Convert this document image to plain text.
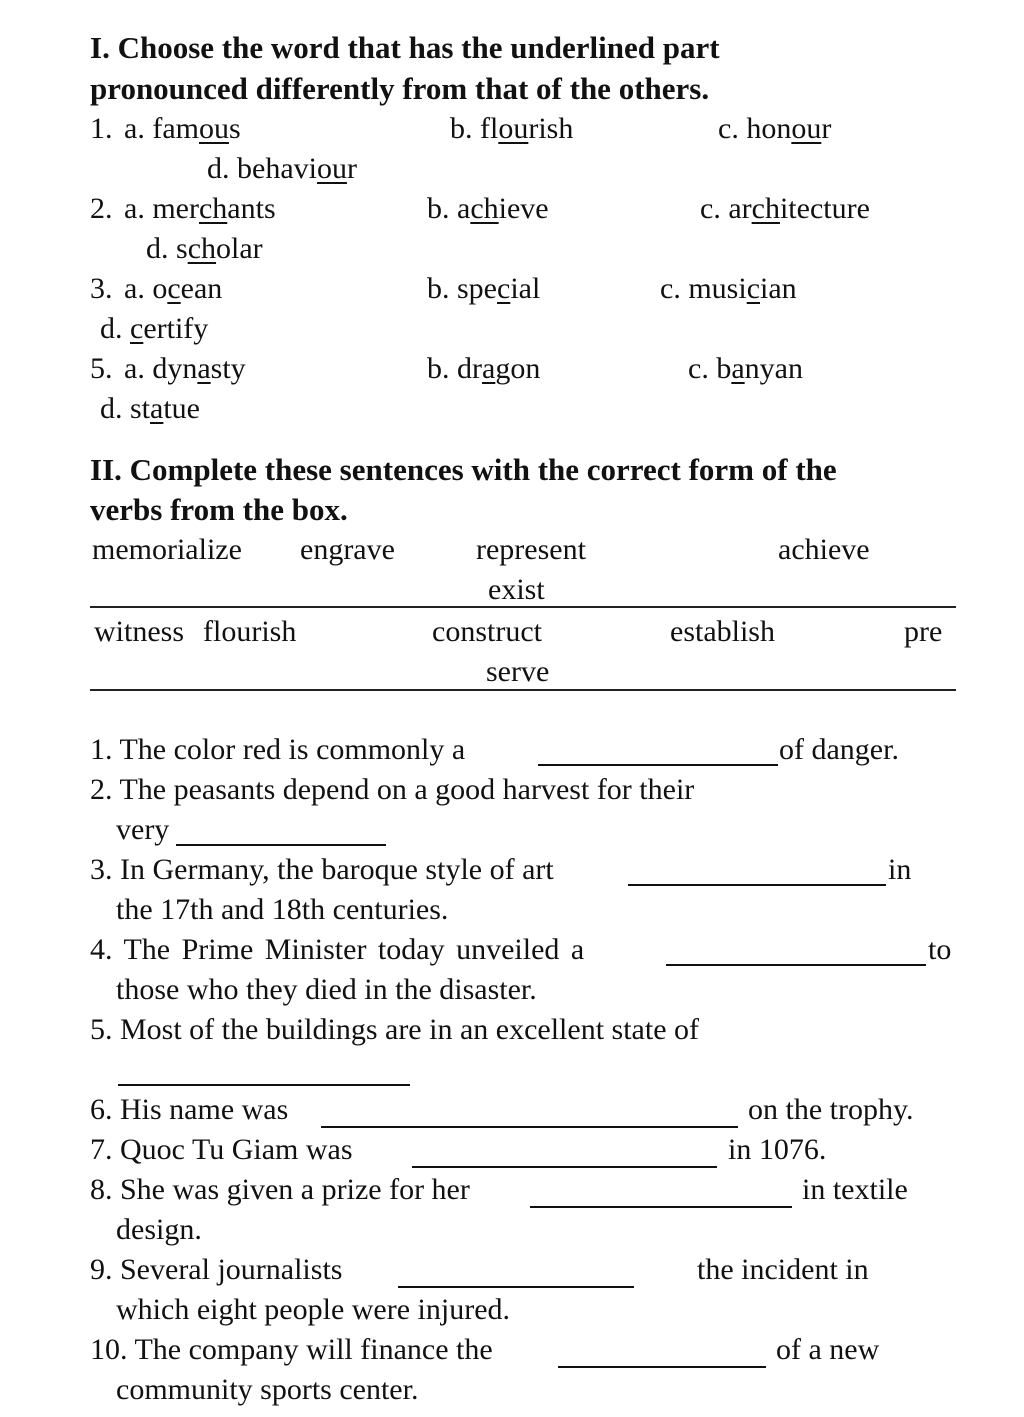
I. Choose the word that has the underlined part
pronounced differently from that of the others.
1. a. famous	b. flourish	c. honour
d. behaviour
2. a. merchants	b. achieve	c. architecture
d. scholar
3. a. ocean	b. special	c. musician
d. certify
5. a. dynasty	b. dragon	c. banyan
d. statue
II. Complete these sentences with the correct form of the
verbs from the box.
memorialize engrave	represent	achieve
exist
witness flourish	construct	establish	pre
serve
1. The color red is commonly a	of danger.
2. The peasants depend on a good harvest for their
very
3. In Germany, the baroque style of art	in
the 17th and 18th centuries.
4. The Prime Minister today unveiled a	to
those who they died in the disaster.
5. Most of the buildings are in an excellent state of
6. His name was	on the trophy.
7. Quoc Tu Giam was	in 1076.
8. She was given a prize for her	in textile
design.
9. Several journalists	the incident in
which eight people were injured.
10. The company will finance the	of a new
community sports center.
